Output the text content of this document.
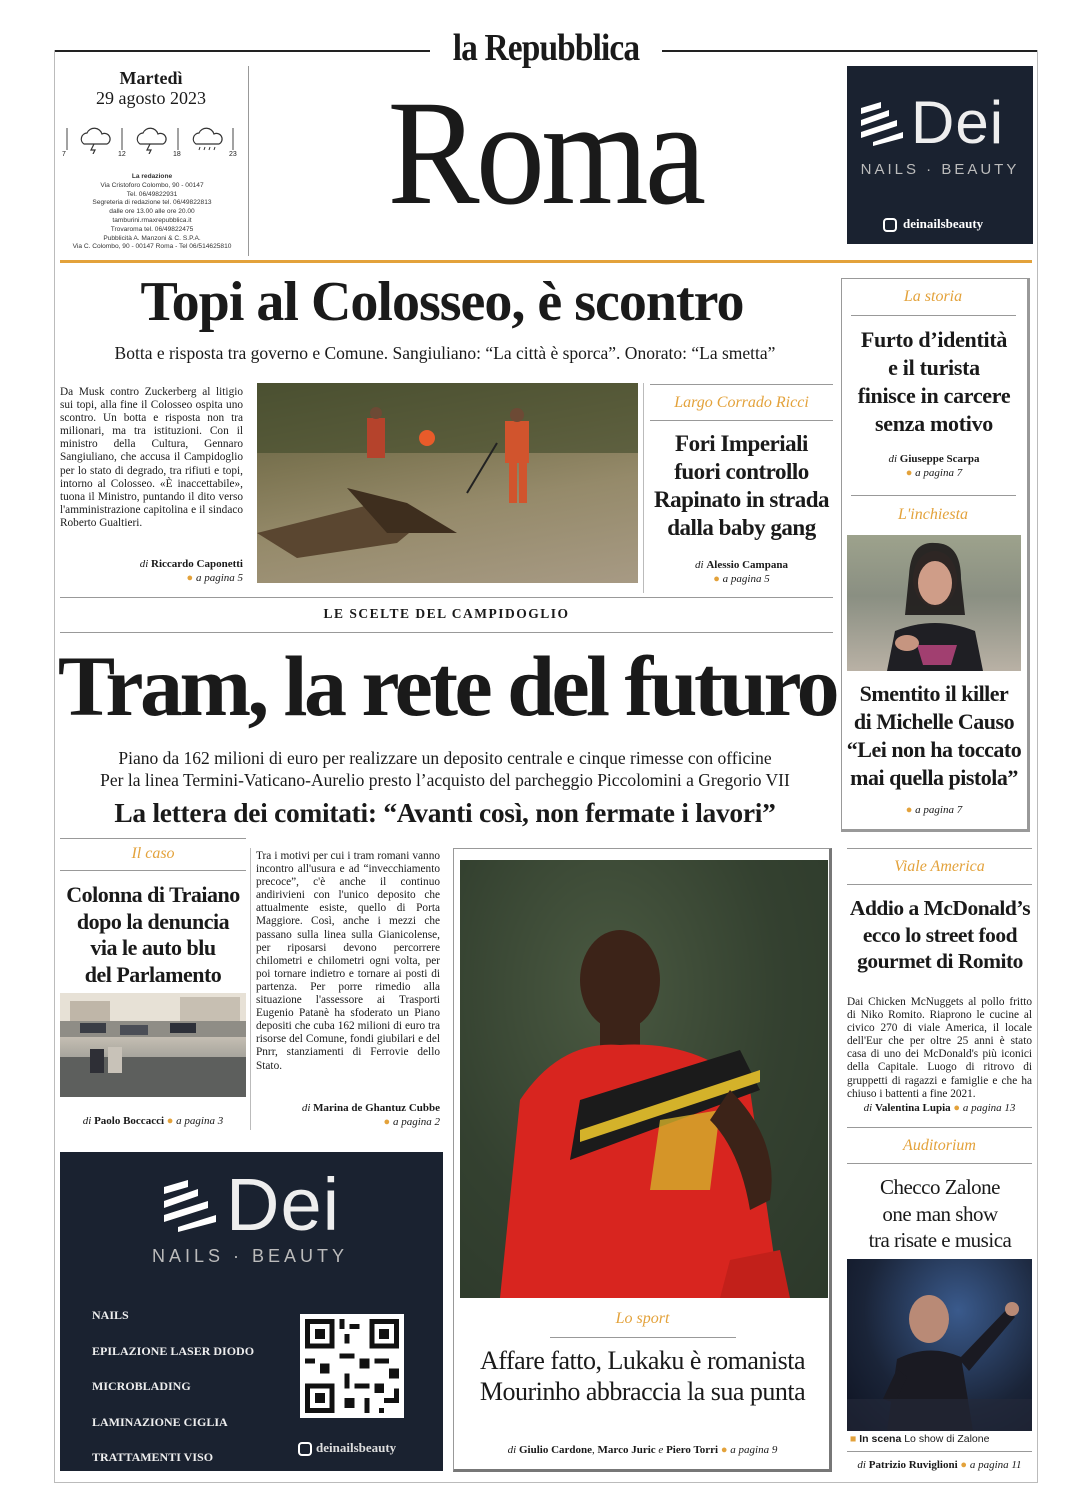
la Repubblica
Roma
Martedì
29 agosto 2023
7	12	18	23
La redazione
Via Cristoforo Colombo, 90 - 00147
Tel. 06/49822931
Segreteria di redazione tel. 06/49822813
dalle ore 13.00 alle ore 20.00
tamburini.rmaxrepubblica.it
Trovaroma tel. 06/49822475
Pubblicità A. Manzoni & C. S.P.A.
Via C. Colombo, 90 - 00147 Roma - Tel 06/514625810
Dei
NAILS · BEAUTY
deinailsbeauty
Topi al Colosseo, è scontro
Botta e risposta tra governo e Comune. Sangiuliano: “La città è sporca”. Onorato: “La smetta”
Da Musk contro Zuckerberg al litigio sui topi, alla fine il Colosseo ospita uno scontro. Un botta e risposta non tra milionari, ma tra istituzioni. Con il ministro della Cultura, Gennaro Sangiuliano, che accusa il Campidoglio per lo stato di degrado, tra rifiuti e topi, intorno al Colosseo. «È inaccettabile», tuona il Ministro, puntando il dito verso l'amministrazione capitolina e il sindaco Roberto Gualtieri.
di Riccardo Caponetti
● a pagina 5
Largo Corrado Ricci
Fori Imperiali
fuori controllo
Rapinato in strada
dalla baby gang
di Alessio Campana
● a pagina 5
La storia
Furto d’identità
e il turista
finisce in carcere
senza motivo
di Giuseppe Scarpa
● a pagina 7
L'inchiesta
Smentito il killer
di Michelle Causo
“Lei non ha toccato
mai quella pistola”
● a pagina 7
LE SCELTE DEL CAMPIDOGLIO
Tram, la rete del futuro
Piano da 162 milioni di euro per realizzare un deposito centrale e cinque rimesse con officine
Per la linea Termini-Vaticano-Aurelio presto l’acquisto del parcheggio Piccolomini a Gregorio VII
La lettera dei comitati: “Avanti così, non fermate i lavori”
Il caso
Colonna di Traiano
dopo la denuncia
via le auto blu
del Parlamento
di Paolo Boccacci ● a pagina 3
Tra i motivi per cui i tram romani vanno incontro all'usura e ad “invecchiamento precoce”, c'è anche il continuo andirivieni con l'unico deposito che attualmente esiste, quello di Porta Maggiore. Così, anche i mezzi che passano sulla linea sulla Gianicolense, per riposarsi devono percorrere chilometri e chilometri ogni volta, per poi tornare indietro e tornare ai posti di partenza. Per porre rimedio alla situazione l'assessore ai Trasporti Eugenio Patanè ha sfoderato un Piano depositi che cuba 162 milioni di euro tra risorse del Comune, fondi giubilari e del Pnrr, stanziamenti di Ferrovie dello Stato.
di Marina de Ghantuz Cubbe
● a pagina 2
Lo sport
Affare fatto, Lukaku è romanista
Mourinho abbraccia la sua punta
di Giulio Cardone, Marco Juric e Piero Torri ● a pagina 9
Viale America
Addio a McDonald’s
ecco lo street food
gourmet di Romito
Dai Chicken McNuggets al pollo fritto di Niko Romito. Riaprono le cucine al civico 270 di viale America, il locale dell'Eur che per oltre 25 anni è stato casa di uno dei McDonald's più iconici della Capitale. Luogo di ritrovo di gruppetti di ragazzi e famiglie e che ha chiuso i battenti a fine 2021.
di Valentina Lupia ● a pagina 13
Auditorium
Checco Zalone
one man show
tra risate e musica
■ In scena Lo show di Zalone
di Patrizio Ruviglioni ● a pagina 11
Dei
NAILS · BEAUTY
NAILS
EPILAZIONE LASER DIODO
MICROBLADING
LAMINAZIONE CIGLIA
TRATTAMENTI VISO
deinailsbeauty
